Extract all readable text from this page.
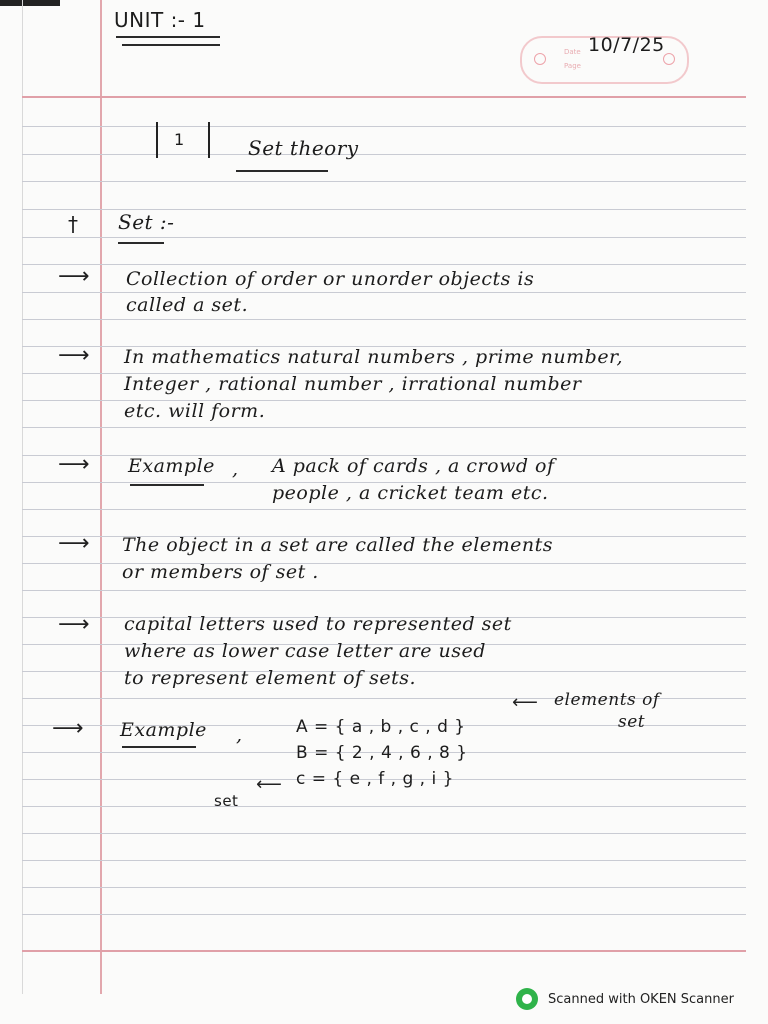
UNIT :- 1
Date
Page
10/7/25
1	Set theory
† Set :-
⟶ Collection of order or unorder objects is
called a set.
⟶ In mathematics natural numbers , prime number,
Integer , rational number , irrational number
etc. will form.
⟶ Example , A pack of cards , a crowd of
people , a cricket team etc.
⟶ The object in a set are called the elements
or members of set .
⟶ capital letters used to represented set
where as lower case letter are used
to represent element of sets.
⟶ Example ,
⟵ elements of
set
A = { a , b , c , d }
B = { 2 , 4 , 6 , 8 }
c = { e , f , g , i }
⟵
set
Scanned with OKEN Scanner
